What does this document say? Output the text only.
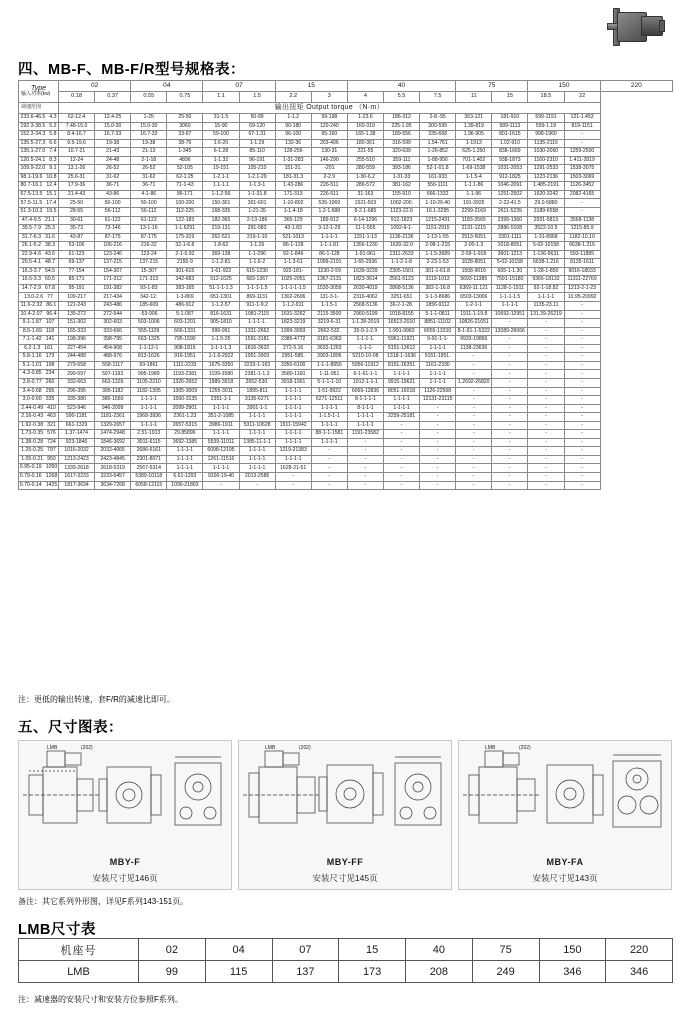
四、MB-F、MB-F/R型号规格表：
Type
输入功率(kw)	02		04		07		15		40			75		150		220
	0.18	0.37	0.55	0.75	1.1	1.5	2.2	3	4	5.5	7.5	11	15	18.5	22	

调速范围	输出扭矩 Output torque （N·m）															
233.6-46.5 4.3	62-12.4	12.4-25	1-25	25-50	31-1.5	50-99	1-1.2	99-198	1-23.6	186-312	2-8.-95	363-121	181-910	599-1191	121-1.453	
192.3-38.5 5.2	7.48-15.0	15.0-30	15.0-30	3060	15-90	69-120	90-180	120-240	160-319	225-1.95	300-599	1.39-819	589-1113	599-1.19	819-1151	
152.3-34.3 5.8	8.4-16.7	16.7-33	16.7-33	33-67	59-100	67-1.31	96-100	95-160	165-1.38	189-556	335-668	1.96-905	801-1615	998-1960	-	
135.5-27.3 6.6	9.5-19.6	19-38	19-38	38-76	1.6-20	1-1.29	132-36	203-406	180-361	316-599	1.54-761	1-1913	1.02-910	1135-2116	-	
135.1-27.0 7.4	10.7-21	21-43	21-13	1-345	6-1.28	85-110	128-256	130-31	221-55	320-639	1-26-852	625-1.250	838-1669	1030-2060	1259-2500	
120.5-24.1 8.3	12-24	24-48	2-1-18	4896	1-1.32	96-191	1-31-283	146-290	255-510	359-111	1-88-956	701-1.402	938-1873	1160-2310	1.411-2819	
109.9-22.0 9.1	13.1-26	26-52	26-52	52-105	19-151	105-210	151-31.	-201	280-559	393-186	52-1-01.8	1-69-1538	1031-2053	1291-2533	1538-3075	
98.1-19.6 10.8	25.6-31	31-62	31-62	62-1.25	1-2.1-1	1-2.1-29	181-31.3	2-2.9	1-30-6.2	1-31-33	161-933	1-1.5-4	912-1825	1223-2136	1503-3069	
80.7-16.1 12.4	17.9-36	36-71	36-71	71-1-43	1.1-1.1	1-1.3-1	1.43-286	226-511	286-572	381-162	556-1111	1-1.1-86	1046-2091	1.485-2191	1126-3452	
67.5-13.5 15.1	21.4-43	43-86	4-1-86	86-171	1-1.2-56	1-1-31.8	171-313	226-511	31-163	155-910	666-1332	1-1-96	1251-2502	1620-3242	2082-4165	
57.5-11.5 17.4	25-50	50-100	50-100	100-200	150-301	301-601	1-10-802	535-1069	1521-503	1002-200.	1-10-29.40	191-3925	2-22-41.5	29.0-5880	-	
51.3-10.3 19.5	28-55	56-112	56-112	112-225	168-335	1-21-35	1-1.4-18	1.2-1.688	8-2.1-685	1123-22.6	16.1-3295	2299-2169	2611-5239	3189-6558	-	
47.4-9.5 21.1	30-61	61-122	61-122	122-183	182-365	2-13-186	365-129	189-912	6-14-1296	912-1823	1215-2431	1183-3565	2399-1360	2931-5813	3568-1138	
39.5-7.9 25.3	35-73	73-146	13-1-16	1-1.6291	219-131	291-583	43-1.83	3-12-1-29	11-1-555	1092-9-1-	1151-2915	2131-1215	2886-5108	3522-10.5	1215-85.9	
31.7-6.3 31.6	43-87	87-175	87-175	175-319	262-521	319-1-10	521-1013	1-1-1-1	1151-1-13	1136-2136	1-13-1-55	2513-5051	3301-1111	1-31-8968	1182-10.10	
26.1-5.2 38.3	53-106	106-216	216-32	32-1-6.8	1.8-62	1-1.26	86-1-128	1-1-1.81	1356-1230	1620-32.0	2-08-1-215	2-00-1.3	1018-8051	5-02-10158	6638-1.216	
22.9-4.6 43.6	61-123	123-246	123-24	2-1-6.92	369-138	1-1-296	92-1-846	86-1-128	1-91-961	1311-2633	1-1.5-3689	2-59-1-918	3601-1213	1-136-9631	593-11885	
20.5-4.1 48.7	69-137	137-215	137-215	2155-9	1-1.2-81	1-1.6-2	1-1.3-61	1099-2191	1-65-2936	1-1-2-1-8	2-23-1-53	1028-8051	5-02-10158	6638-1.216	8135-1611	
16.3-3.7 54.5	77-154	154-307	15-307	301-615	1-61-922	615-1230	922-181-	1230-2-59	1639-3239	2305-1601	301-1-61.8	1508-9016	665-1-1.30	1-28-1-850	9016-18033	
16.5-3.3 60.5	85-171	171-312	171-313	342-683	512-1025	683-1367	1025-2051	1367-2131	1823-3614	2561-5123	3119-1013	5693-11385	7591-15180	9366-18132	11311-22769	
14.7-2.9 67.8	95-191	191-382	93-1-83	383-165	51-1-1-1.3	1-1-1-1.5	1-1-1-1-1.5	1530-3059	2030-4019	2868-5136	382-1-16.8	6369-11.121	1128-1-1911	92-1-18.82	1213-2-1-23	
13.0-2.6 77	109-217	217-434	342-12.	1-3-869	651-1301	869-1131	1302-2606	131-3-1-	2316-4062	3251-651	3-1-3-8686	6503-13006	1-1-1-1.5	1-1-1-1	10.95-20992	
11.6-2.32 86.1	121-243	243-486	185-609	486-912	1-1.2-57	911-1-9.2	1-1.2-911	1-1.5-1	2568-5136	36-2-1-28.	1856-9112	1-2-1-1	1-1-1-1	1135-23.11	-	
10.4-2.07 96.4	135-272	272-544	-53-906	5-1-087	816-1631	1081-2115	1631-3262	2115-3500	2960-5199	1018-8155	5-1-1-0811	1911-1-19.8	10692-12951	131.39-26219	-	
9.1-1.87 107	151-302	302-603	503-1006	603-1201	905-1810	1-1-1-1.	1823-3219	3219-6-31	1-1.28-2019	16513-2010	8851-11102	10826-21651	-	-	-	
8.5-1.69 118	165-333	333-666	555-1109	666-1331	999-991	1331-2662	1999-3993	2662-532.	35-9-1-2.9	1-991-9983	6655-13310	8-1-91-1-5322	13089-26066	-	-	
7.1-1.42 141	198-396	398-795	663-1325	795-1590	1-1.5-35	1591-3181	2386-4772	3181-6363	1-1-1-1.	5961-11921	9-91-1-1-	9933-19866	-	-	-	
6.2-1.3 161	227-454	454-908	1-1-12-1	908-1816	1-1-1-1.3	1816-3632	272-5.16	3632-1263	-1-1-1-	5151-13612	1-1-1-1	1138-23636	-	-	-	
5.8-1.16 173	244-488	488-976	813-1626	916-1951	1-1.6-2922	1951-3903	2951-585.	3903-1806	5210-10-08	1318-1-1636	9151-1951.	-	-	-	-	
5.1-1.01 198	279-558	558-1117	93-1861	1111-2233	1675-3350	2233-1-163	3350-6100	1-1-1-8956	5956-11912	8151-16351	1161-2330	-	-	-	-	
4.3-0.85 234	299-597	597-1193	995-1989	1193-2381	1199-3580	2381-1-1.3	3580-1160	1-11-951	6-1-61-1-1	1-1-1-1	1-1-1-1	-	-	-	-	
3.8-0.77 260	332-663	663-1326	1105-2210	1326-2652	1989-3918	2652-530.	3918-1961	5-1-1-1-10	1012-1-1-1	9915-19621	1-1-1-1	1.2692-26820	-	-	-	
3.4-0.68 295	296-395	395-1182	1182-1305	1305-3009	1255-3011	1895-811	1-1-1-1	1-51-9922	6069-12836	8051-16018	1126-22568	-	-	-	-	
3.0-0.60 335	335-380	380-1560	1-1-1-1	1560-3135	2351-1-1	3135-6271	1-1-1-1	6271-12511	8-1-1-1-1	1-1-1-1	12131-23115	-	-	-	-	
2.44-0.49 410	523-946	946-2099	1-1-1-1	2099-3901	1-1-1-1	3901-1-1	1-1-1-1	1-1-1-1	8-1-1-1	1-1-1-1	-	-	-	-	-	
2.16-0.43 463	590-1181	1181-2361	1968-3936	2361-1.23	351-2-1085	1-1-1-1	1-1-1-1	1-1.5-1-1	1-1-1-1	2259-25181	-	-	-	-	-	
1.92-0.38 321	661-1329	1329-2657	1-1-1-1	2657-5315	3986-1911	5311-10628	1911-15942	1-1-1-1	1-1-1-1	-	-	-	-	-	-	
1.73-0.35 576	1.37-1474	1474-2948	2.51-1913	29.85896	1-1-1-1	1-1-1-1	1-1-1-1	88-1-1-1581	1191-23582	-	-	-	-	-	-	
1.38-0.28 724	923-1846	1846-3692	3011-6115	3692-1385	5539-11011	1385-11-1-1	1-1-1-1	1-1-1-1	-	-	-	-	-	-	-	
1.25-0.25 797	1016-2032	2032-4065	2686-6161	1-1-1-1	6098-12195	1-1-1-1	1219-21383	-	-	-	-	-	-	-	-	
1.05-0.21 950	1213-2423	2423-4845	2301-8071	1-1-1-1	1261-11516	1-1-1-1	1-1-1-1	-	-	-	-	-	-	-	-	
0.95-0.19 1050	1339-2618	2618-5319	2567-5314	1-1-1-1	1-1-1-1	1-1-1-1	1628-21-51	-	-	-	-	-	-	-	-	
0.79-0.16 1268	1617-3233	3233-6457	5389-10118	6.61-1293	9100-19-40	2013-2586	-	-	-	-	-	-	-	-	-	
0.70-0.14 1425	1817-3634	3634-7268	6058-12115	1090-21803	-	-	-	-	-	-	-	-	-	-	-	
注：更低的输出转速，套F/R的减速比即可。
五、尺寸图表：
LMB	(202)
MBY-F
安装尺寸见146页
LMB	(202)
MBY-FF
安装尺寸见145页
LMB	(202)
MBY-FA
安装尺寸见143页
备注：其它系列外形图，详见F系列143-151页。
LMB尺寸表
机座号	02	04	07	15	40	75	150	220
LMB	99	115	137	173	208	249	346	346
注：减速器的安装尺寸和安装方位参照F系列。
